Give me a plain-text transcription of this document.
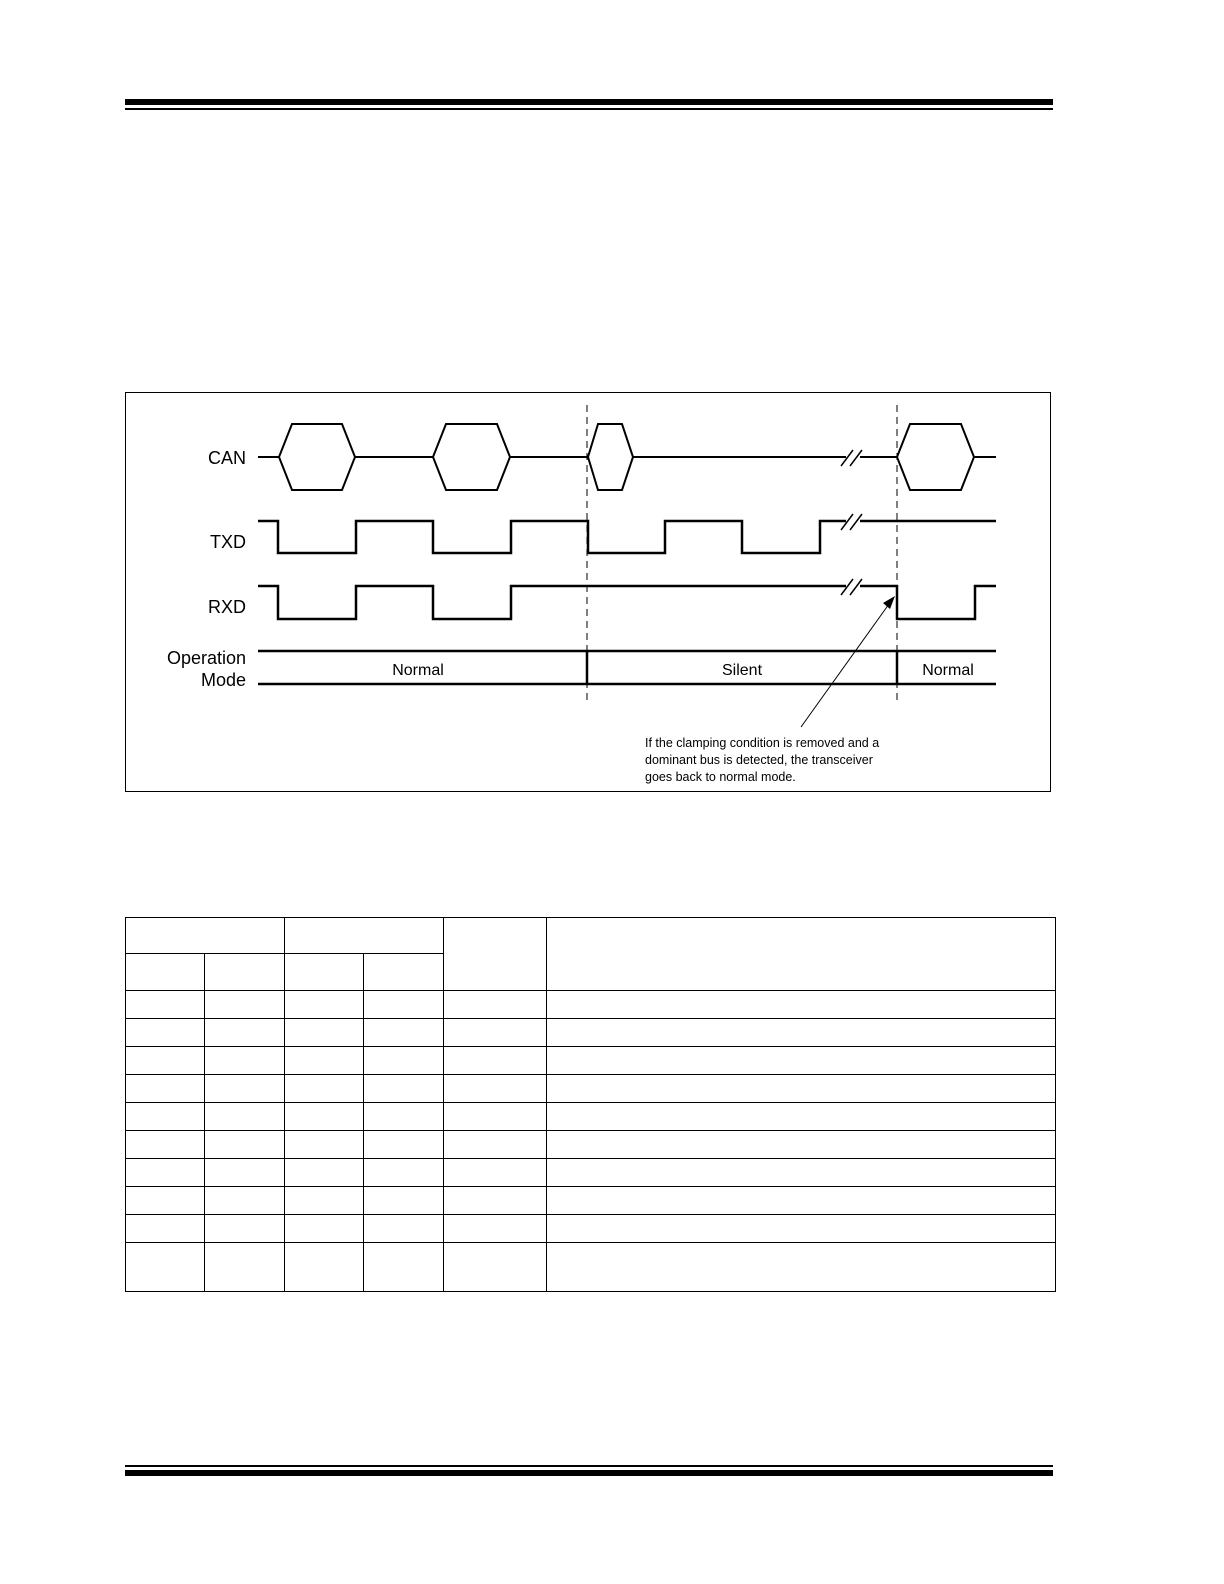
CAN
TXD
RXD
Operation
Mode	Normal	Silent	Normal
If the clamping condition is removed and a
dominant bus is detected, the transceiver
goes back to normal mode.
